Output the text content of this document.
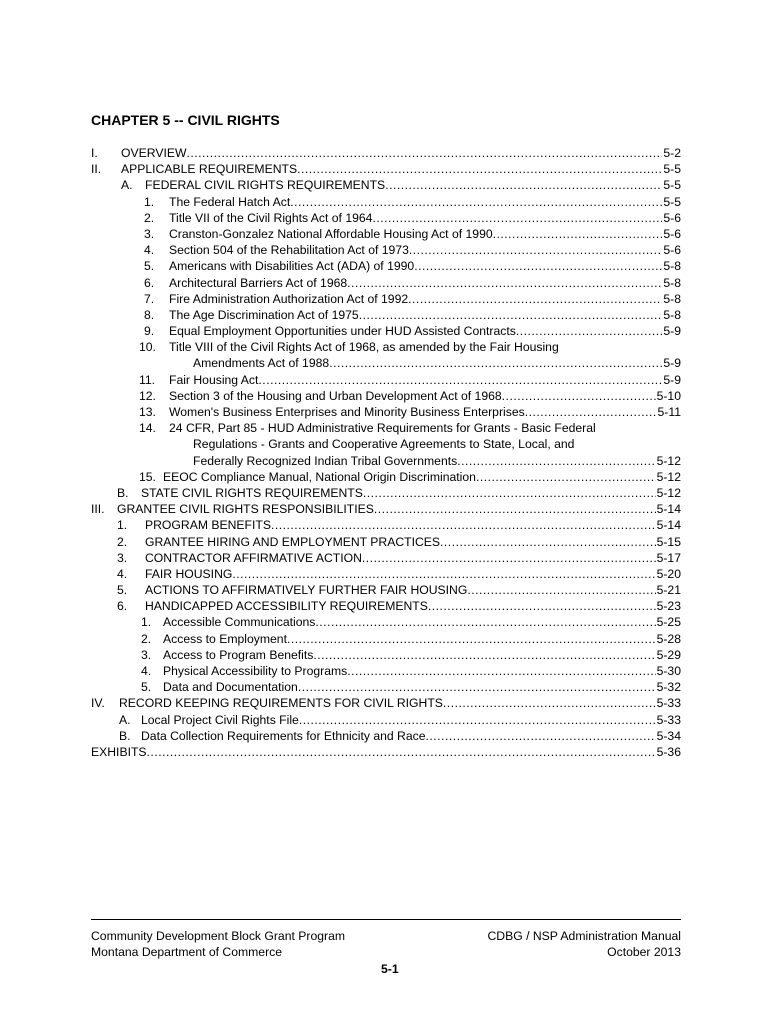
CHAPTER 5 -- CIVIL RIGHTS
I. OVERVIEW .....	5-2
II. APPLICABLE REQUIREMENTS .....	5-5
A. FEDERAL CIVIL RIGHTS REQUIREMENTS .....	5-5
1. The Federal Hatch Act .....	5-5
2. Title VII of the Civil Rights Act of 1964 .....	5-6
3. Cranston-Gonzalez National Affordable Housing Act of 1990 .....	5-6
4. Section 504 of the Rehabilitation Act of 1973 .....	5-6
5. Americans with Disabilities Act (ADA) of 1990 .....	5-8
6. Architectural Barriers Act of 1968 .....	5-8
7. Fire Administration Authorization Act of 1992 .....	5-8
8. The Age Discrimination Act of 1975 .....	5-8
9. Equal Employment Opportunities under HUD Assisted Contracts .....	5-9
10. Title VIII of the Civil Rights Act of 1968, as amended by the Fair Housing
Amendments Act of 1988 .....	5-9
11. Fair Housing Act .....	5-9
12. Section 3 of the Housing and Urban Development Act of 1968 .....	5-10
13. Women's Business Enterprises and Minority Business Enterprises .....	5-11
14. 24 CFR, Part 85 - HUD Administrative Requirements for Grants - Basic Federal
Regulations - Grants and Cooperative Agreements to State, Local, and
Federally Recognized Indian Tribal Governments .....	5-12
15. EEOC Compliance Manual, National Origin Discrimination .....	5-12
B. STATE CIVIL RIGHTS REQUIREMENTS .....	5-12
III. GRANTEE CIVIL RIGHTS RESPONSIBILITIES .....	5-14
1. PROGRAM BENEFITS .....	5-14
2. GRANTEE HIRING AND EMPLOYMENT PRACTICES .....	5-15
3. CONTRACTOR AFFIRMATIVE ACTION .....	5-17
4. FAIR HOUSING .....	5-20
5. ACTIONS TO AFFIRMATIVELY FURTHER FAIR HOUSING .....	5-21
6. HANDICAPPED ACCESSIBILITY REQUIREMENTS .....	5-23
1. Accessible Communications .....	5-25
2. Access to Employment .....	5-28
3. Access to Program Benefits .....	5-29
4. Physical Accessibility to Programs .....	5-30
5. Data and Documentation .....	5-32
IV. RECORD KEEPING REQUIREMENTS FOR CIVIL RIGHTS .....	5-33
A. Local Project Civil Rights File .....	5-33
B. Data Collection Requirements for Ethnicity and Race .....	5-34
EXHIBITS .....	5-36
Community Development Block Grant Program
Montana Department of Commerce
CDBG / NSP Administration Manual
October 2013
5-1
